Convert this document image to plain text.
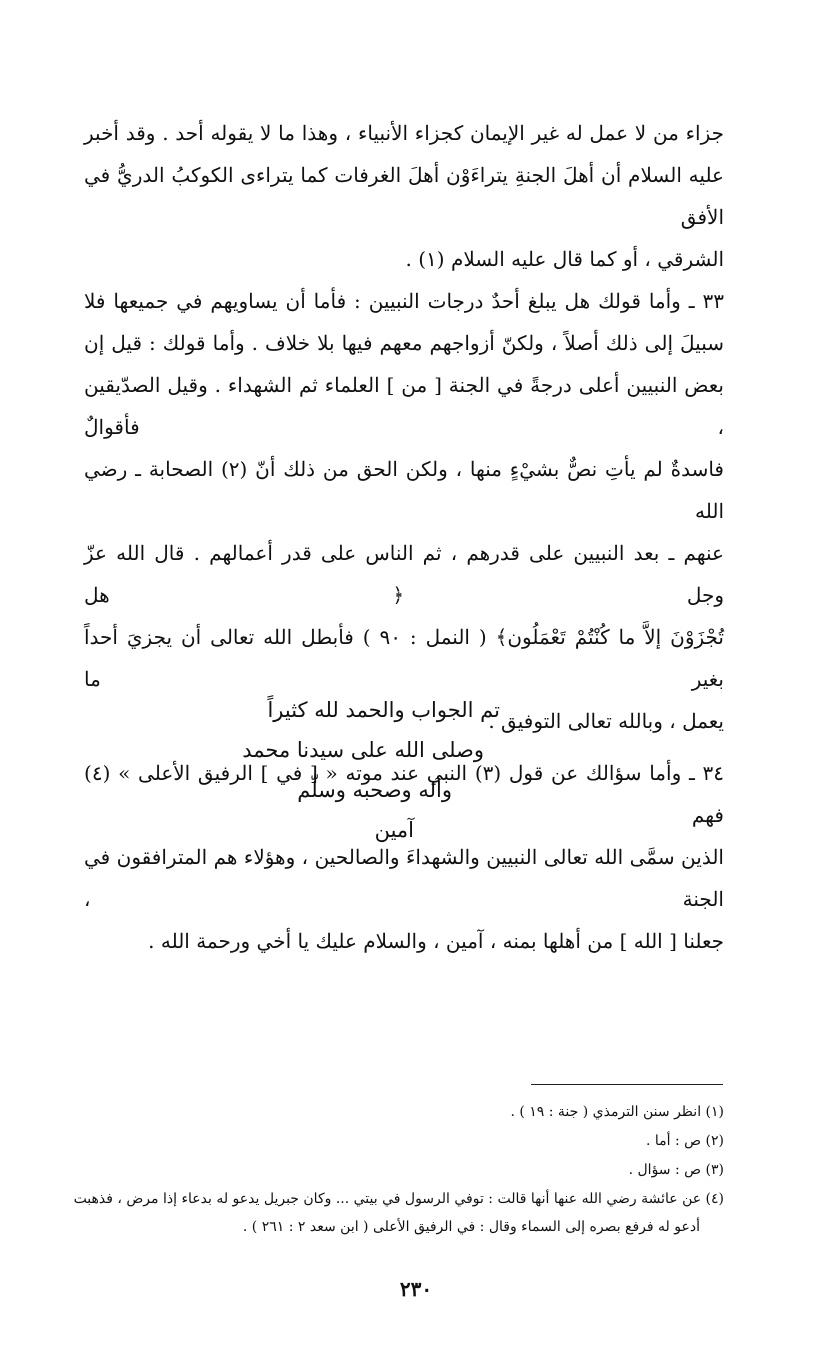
جزاء من لا عمل له غير الإيمان كجزاء الأنبياء ، وهذا ما لا يقوله أحد . وقد أخبر
عليه السلام أن أهلَ الجنةِ يتراءَوْن أهلَ الغرفات كما يتراءى الكوكبُ الدريُّ في الأفق
الشرقي ، أو كما قال عليه السلام (١) .

٣٣ ـ وأما قولك هل يبلغ أحدٌ درجات النبيين : فأما أن يساويهم في جميعها فلا
سبيلَ إلى ذلك أصلاً ، ولكنّ أزواجهم معهم فيها بلا خلاف . وأما قولك : قيل إن
بعض النبيين أعلى درجةً في الجنة [ من ] العلماء ثم الشهداء . وقيل الصدّيقين ، فأقوالٌ
فاسدةٌ لم يأتِ نصٌّ بشيْءٍ منها ، ولكن الحق من ذلك أنّ (٢) الصحابة ـ رضي الله
عنهم ـ بعد النبيين على قدرهم ، ثم الناس على قدر أعمالهم . قال الله عزّ وجل ﴿ هل
تُجْزَوْنَ إلاَّ ما كُنْتُمْ تَعْمَلُون﴾ ( النمل : ٩٠ ) فأبطل الله تعالى أن يجزيَ أحداً بغير ما
يعمل ، وبالله تعالى التوفيق .

٣٤ ـ وأما سؤالك عن قول (٣) النبي عند موته « [ في ] الرفيق الأعلى » (٤) فهم
الذين سمَّى الله تعالى النبيين والشهداءَ والصالحين ، وهؤلاء هم المترافقون في الجنة ،
جعلنا [ الله ] من أهلها بمنه ، آمين ، والسلام عليك يا أخي ورحمة الله .

تم الجواب والحمد لله كثيراً
وصلى الله على سيدنا محمد
وآله وصحبه وسلّم
آمين

(١) انظر سنن الترمذي ( جنة : ١٩ ) .

(٢) ص : أما .

(٣) ص : سؤال .

(٤) عن عائشة رضي الله عنها أنها قالت : توفي الرسول في بيتي ... وكان جبريل يدعو له بدعاء إذا مرض ، فذهبت

أدعو له فرفع بصره إلى السماء وقال : في الرفيق الأعلى ( ابن سعد ٢ : ٢٦١ ) .

٢٣٠
